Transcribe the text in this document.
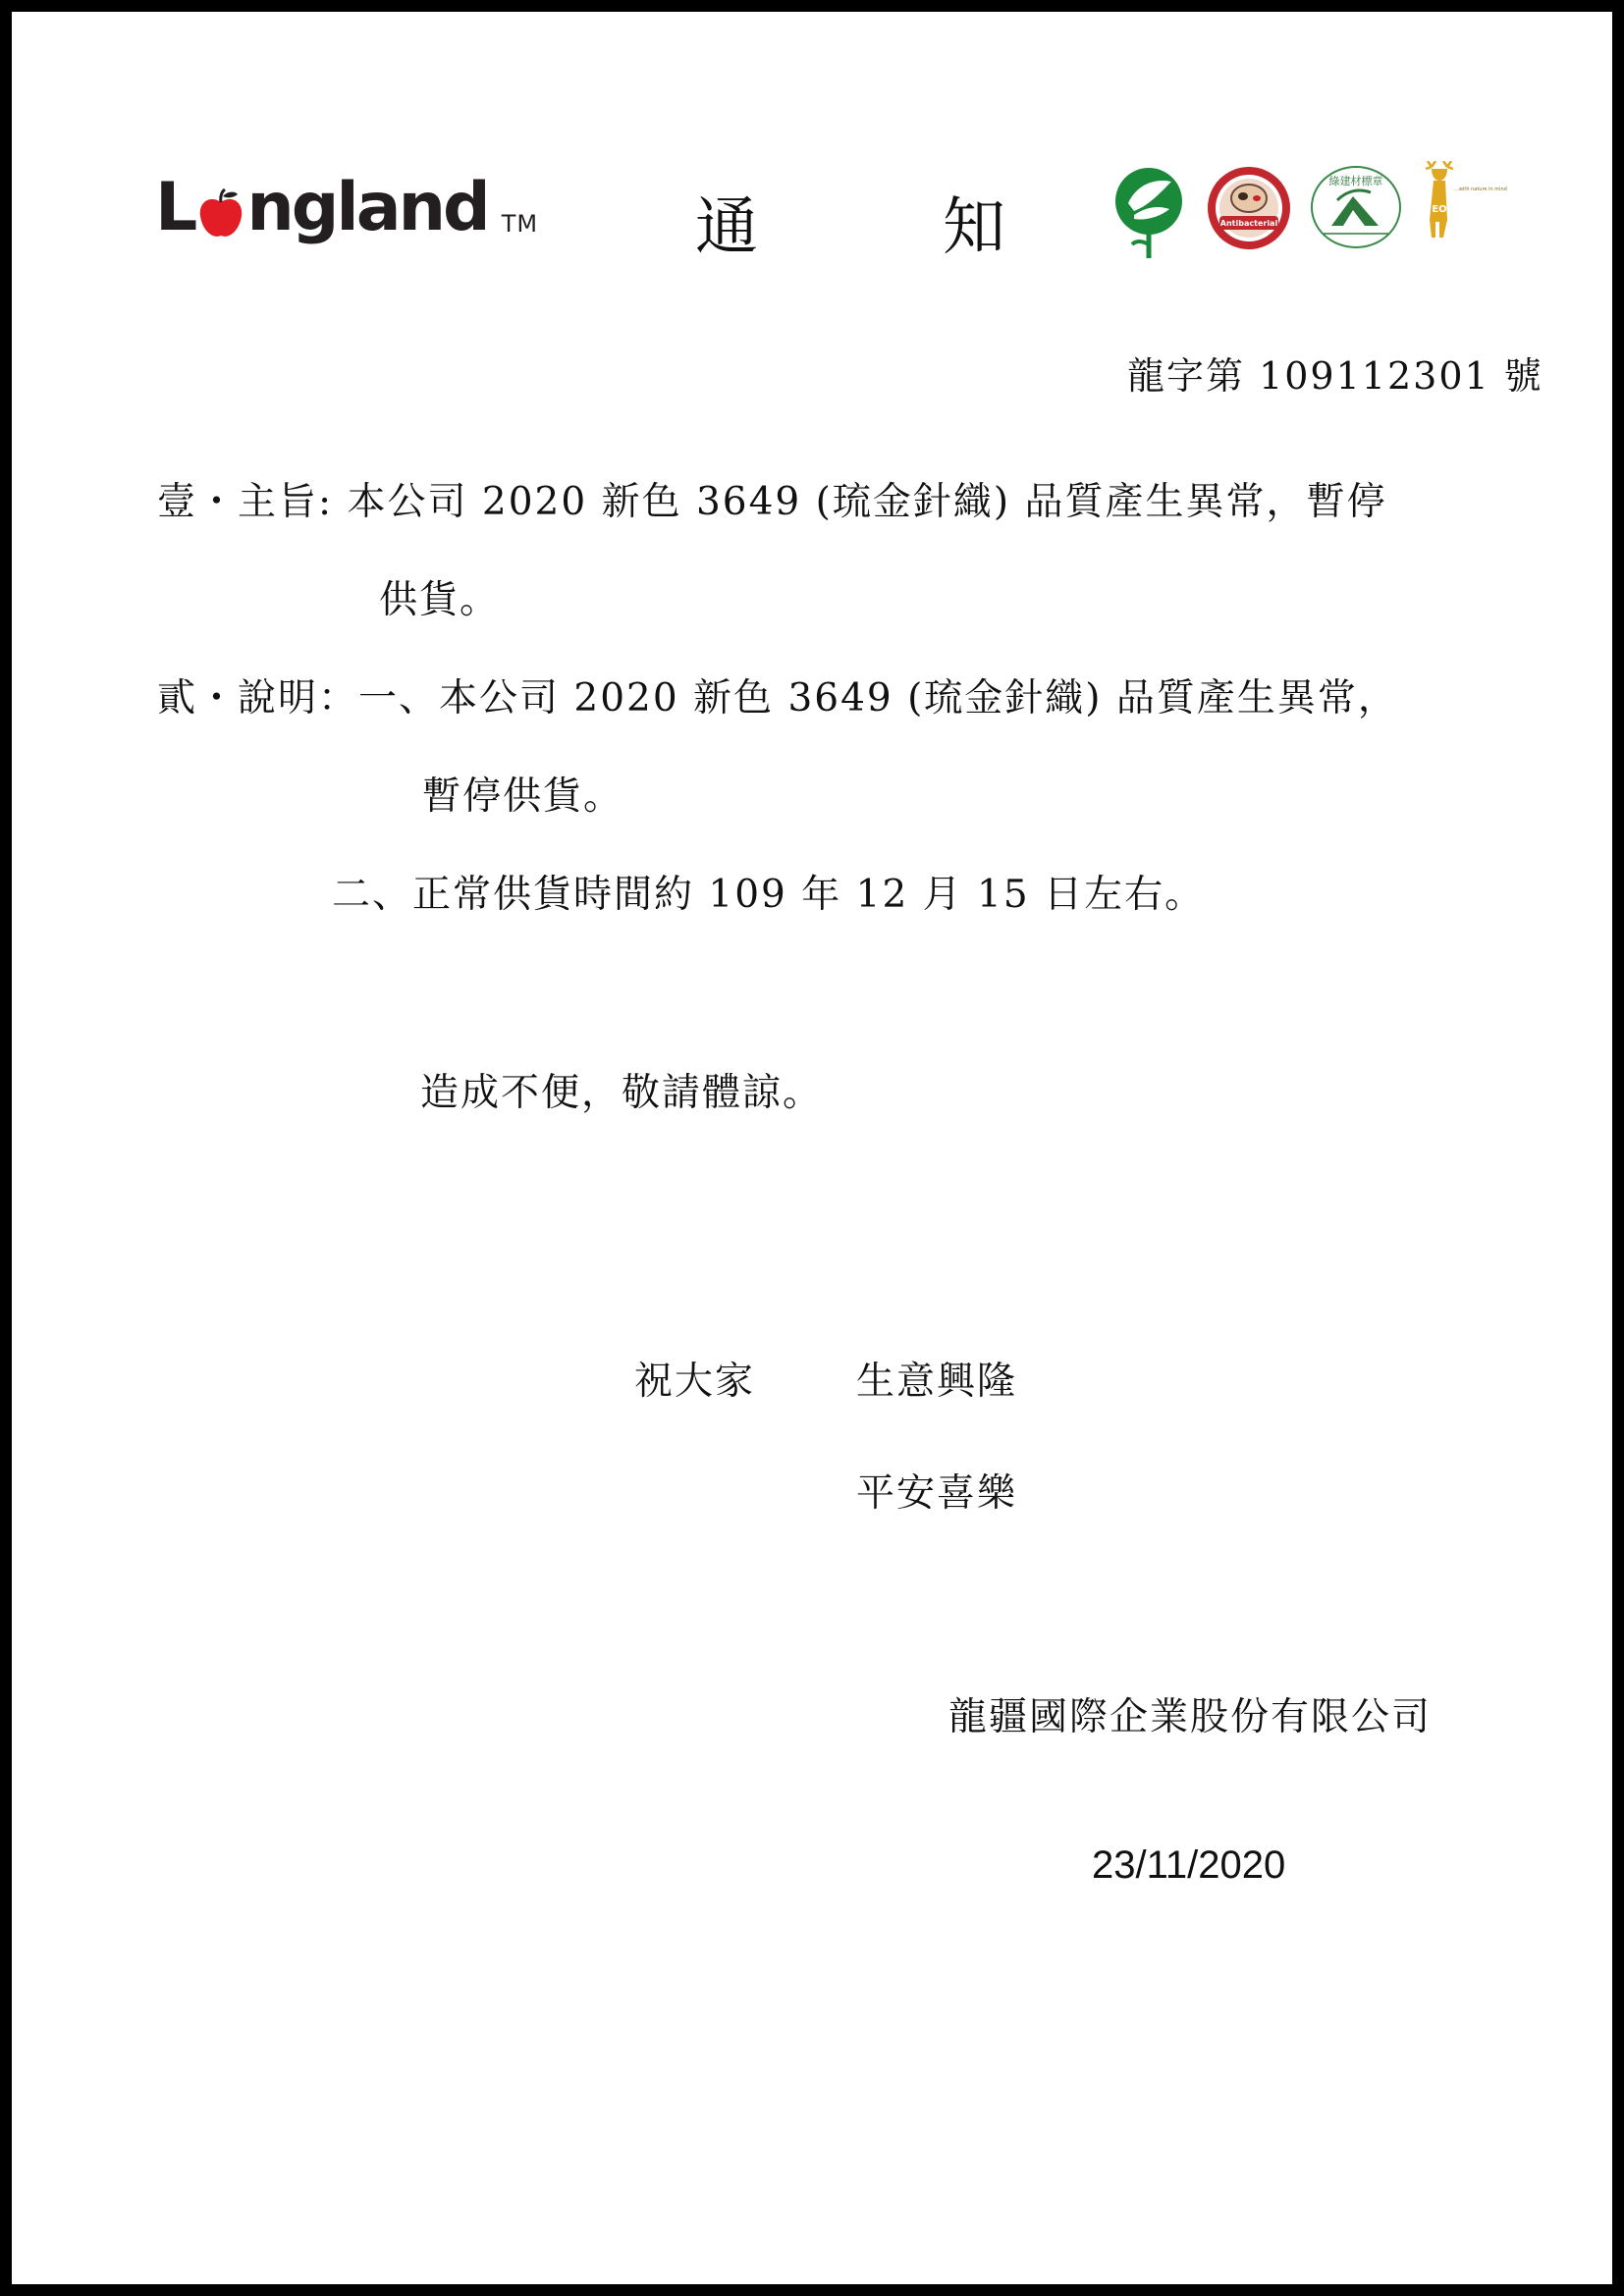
L ngland TM 通	知	Antibacterial
綠建材標章
EO
...with nature in mind
龍字第 109112301 號
壹・主旨: 本公司 2020 新色 3649 (琉金針織) 品質產生異常，暫停
供貨。
貳・說明：一、本公司 2020 新色 3649 (琉金針織) 品質產生異常，
暫停供貨。
二、正常供貨時間約 109 年 12 月 15 日左右。
造成不便，敬請體諒。
祝大家	生意興隆
平安喜樂
龍疆國際企業股份有限公司
23/11/2020
